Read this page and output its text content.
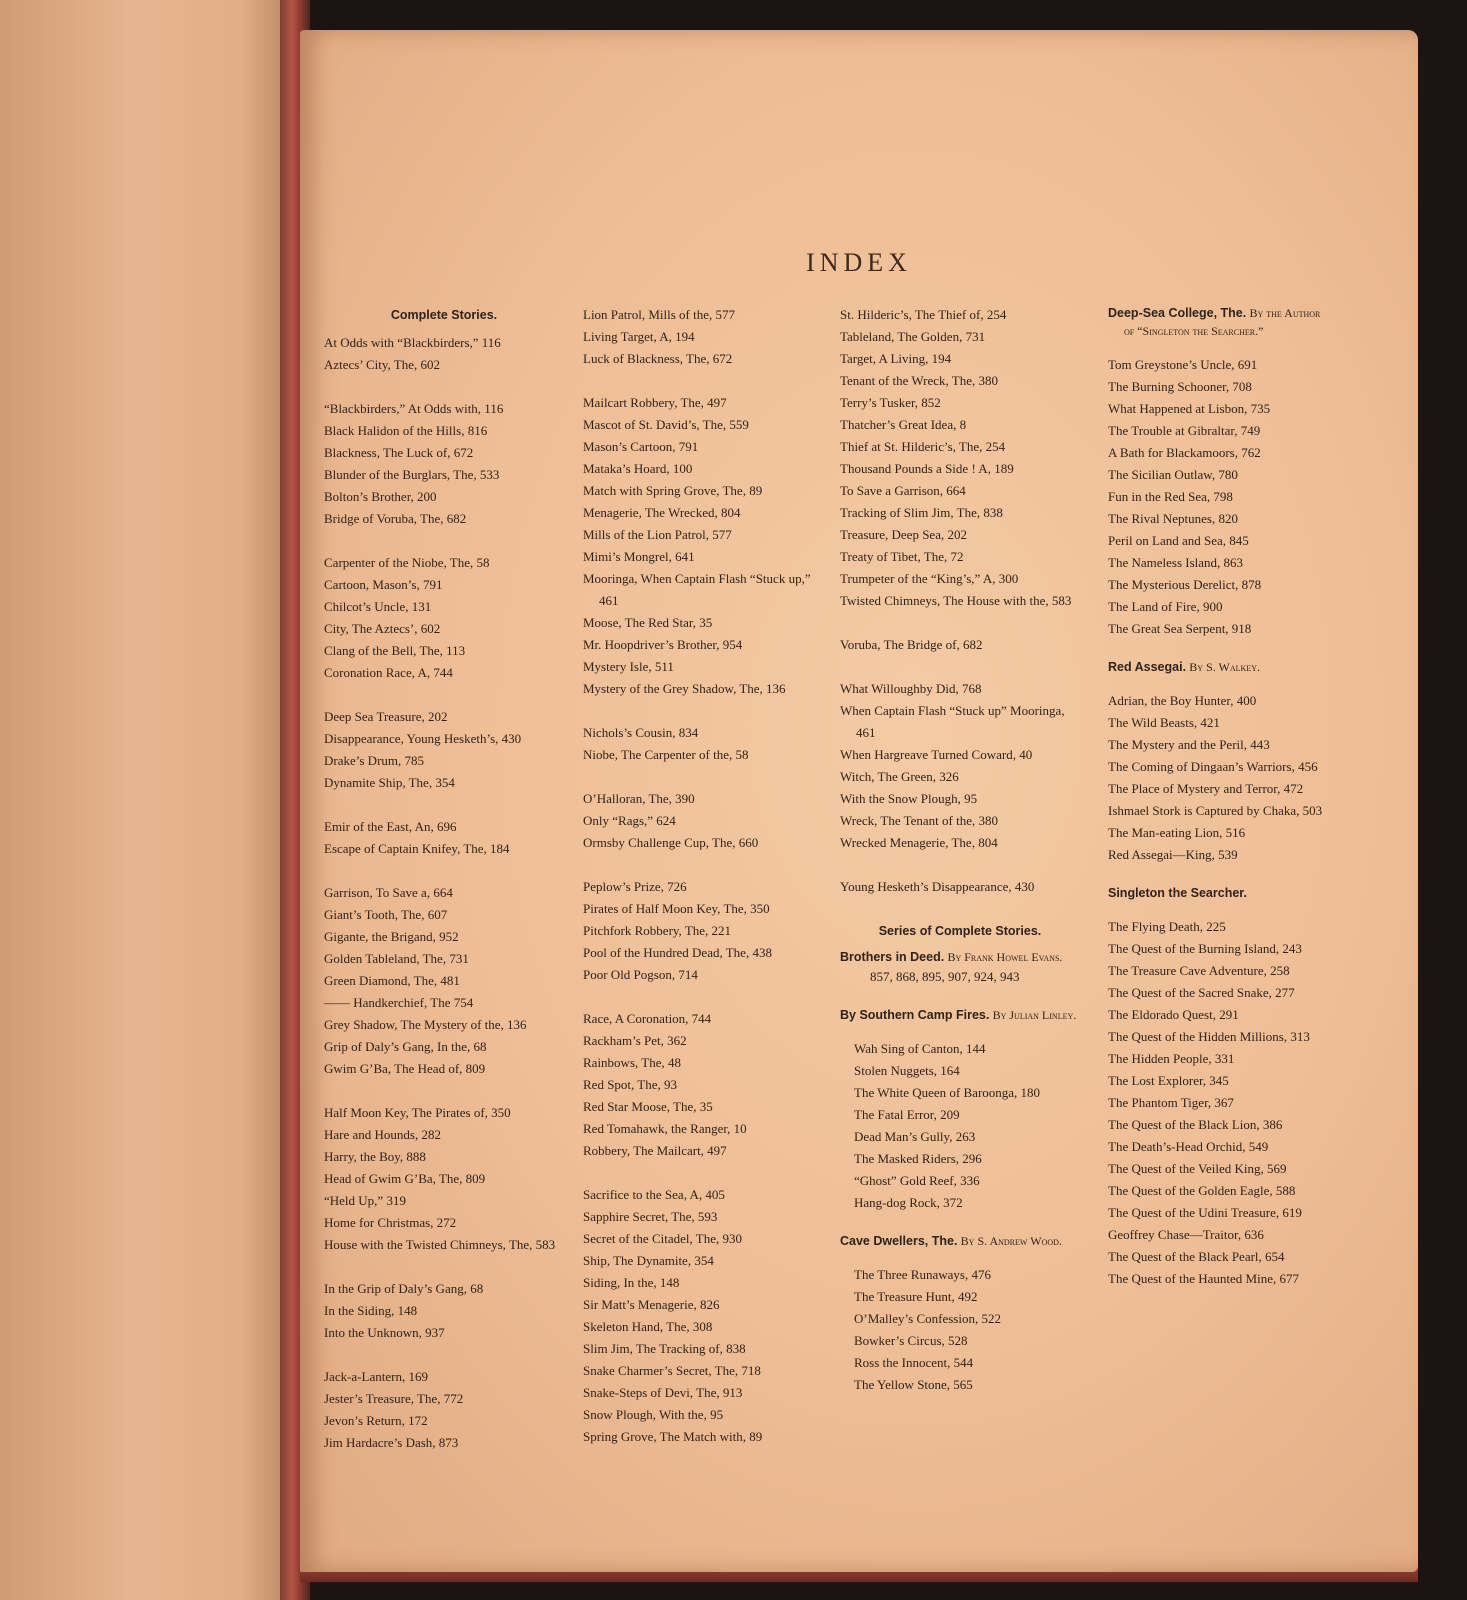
INDEX
Complete Stories.
At Odds with “Blackbirders,” 116
Aztecs’ City, The, 602
“Blackbirders,” At Odds with, 116
Black Halidon of the Hills, 816
Blackness, The Luck of, 672
Blunder of the Burglars, The, 533
Bolton’s Brother, 200
Bridge of Voruba, The, 682
Carpenter of the Niobe, The, 58
Cartoon, Mason’s, 791
Chilcot’s Uncle, 131
City, The Aztecs’, 602
Clang of the Bell, The, 113
Coronation Race, A, 744
Deep Sea Treasure, 202
Disappearance, Young Hesketh’s, 430
Drake’s Drum, 785
Dynamite Ship, The, 354
Emir of the East, An, 696
Escape of Captain Knifey, The, 184
Garrison, To Save a, 664
Giant’s Tooth, The, 607
Gigante, the Brigand, 952
Golden Tableland, The, 731
Green Diamond, The, 481
—— Handkerchief, The 754
Grey Shadow, The Mystery of the, 136
Grip of Daly’s Gang, In the, 68
Gwim G’Ba, The Head of, 809
Half Moon Key, The Pirates of, 350
Hare and Hounds, 282
Harry, the Boy, 888
Head of Gwim G’Ba, The, 809
“Held Up,” 319
Home for Christmas, 272
House with the Twisted Chimneys, The, 583
In the Grip of Daly’s Gang, 68
In the Siding, 148
Into the Unknown, 937
Jack-a-Lantern, 169
Jester’s Treasure, The, 772
Jevon’s Return, 172
Jim Hardacre’s Dash, 873
Lion Patrol, Mills of the, 577
Living Target, A, 194
Luck of Blackness, The, 672
Mailcart Robbery, The, 497
Mascot of St. David’s, The, 559
Mason’s Cartoon, 791
Mataka’s Hoard, 100
Match with Spring Grove, The, 89
Menagerie, The Wrecked, 804
Mills of the Lion Patrol, 577
Mimi’s Mongrel, 641
Mooringa, When Captain Flash “Stuck up,” 461
Moose, The Red Star, 35
Mr. Hoopdriver’s Brother, 954
Mystery Isle, 511
Mystery of the Grey Shadow, The, 136
Nichols’s Cousin, 834
Niobe, The Carpenter of the, 58
O’Halloran, The, 390
Only “Rags,” 624
Ormsby Challenge Cup, The, 660
Peplow’s Prize, 726
Pirates of Half Moon Key, The, 350
Pitchfork Robbery, The, 221
Pool of the Hundred Dead, The, 438
Poor Old Pogson, 714
Race, A Coronation, 744
Rackham’s Pet, 362
Rainbows, The, 48
Red Spot, The, 93
Red Star Moose, The, 35
Red Tomahawk, the Ranger, 10
Robbery, The Mailcart, 497
Sacrifice to the Sea, A, 405
Sapphire Secret, The, 593
Secret of the Citadel, The, 930
Ship, The Dynamite, 354
Siding, In the, 148
Sir Matt’s Menagerie, 826
Skeleton Hand, The, 308
Slim Jim, The Tracking of, 838
Snake Charmer’s Secret, The, 718
Snake-Steps of Devi, The, 913
Snow Plough, With the, 95
Spring Grove, The Match with, 89
St. Hilderic’s, The Thief of, 254
Tableland, The Golden, 731
Target, A Living, 194
Tenant of the Wreck, The, 380
Terry’s Tusker, 852
Thatcher’s Great Idea, 8
Thief at St. Hilderic’s, The, 254
Thousand Pounds a Side ! A, 189
To Save a Garrison, 664
Tracking of Slim Jim, The, 838
Treasure, Deep Sea, 202
Treaty of Tibet, The, 72
Trumpeter of the “King’s,” A, 300
Twisted Chimneys, The House with the, 583
Voruba, The Bridge of, 682
What Willoughby Did, 768
When Captain Flash “Stuck up” Mooringa, 461
When Hargreave Turned Coward, 40
Witch, The Green, 326
With the Snow Plough, 95
Wreck, The Tenant of the, 380
Wrecked Menagerie, The, 804
Young Hesketh’s Disappearance, 430
Series of Complete Stories.
Brothers in Deed. By Frank Howel Evans.
857, 868, 895, 907, 924, 943
By Southern Camp Fires. By Julian Linley.
Wah Sing of Canton, 144
Stolen Nuggets, 164
The White Queen of Baroonga, 180
The Fatal Error, 209
Dead Man’s Gully, 263
The Masked Riders, 296
“Ghost” Gold Reef, 336
Hang-dog Rock, 372
Cave Dwellers, The. By S. Andrew Wood.
The Three Runaways, 476
The Treasure Hunt, 492
O’Malley’s Confession, 522
Bowker’s Circus, 528
Ross the Innocent, 544
The Yellow Stone, 565
Deep-Sea College, The. By the Author of “Singleton the Searcher.”
Tom Greystone’s Uncle, 691
The Burning Schooner, 708
What Happened at Lisbon, 735
The Trouble at Gibraltar, 749
A Bath for Blackamoors, 762
The Sicilian Outlaw, 780
Fun in the Red Sea, 798
The Rival Neptunes, 820
Peril on Land and Sea, 845
The Nameless Island, 863
The Mysterious Derelict, 878
The Land of Fire, 900
The Great Sea Serpent, 918
Red Assegai. By S. Walkey.
Adrian, the Boy Hunter, 400
The Wild Beasts, 421
The Mystery and the Peril, 443
The Coming of Dingaan’s Warriors, 456
The Place of Mystery and Terror, 472
Ishmael Stork is Captured by Chaka, 503
The Man-eating Lion, 516
Red Assegai—King, 539
Singleton the Searcher.
The Flying Death, 225
The Quest of the Burning Island, 243
The Treasure Cave Adventure, 258
The Quest of the Sacred Snake, 277
The Eldorado Quest, 291
The Quest of the Hidden Millions, 313
The Hidden People, 331
The Lost Explorer, 345
The Phantom Tiger, 367
The Quest of the Black Lion, 386
The Death’s-Head Orchid, 549
The Quest of the Veiled King, 569
The Quest of the Golden Eagle, 588
The Quest of the Udini Treasure, 619
Geoffrey Chase—Traitor, 636
The Quest of the Black Pearl, 654
The Quest of the Haunted Mine, 677
